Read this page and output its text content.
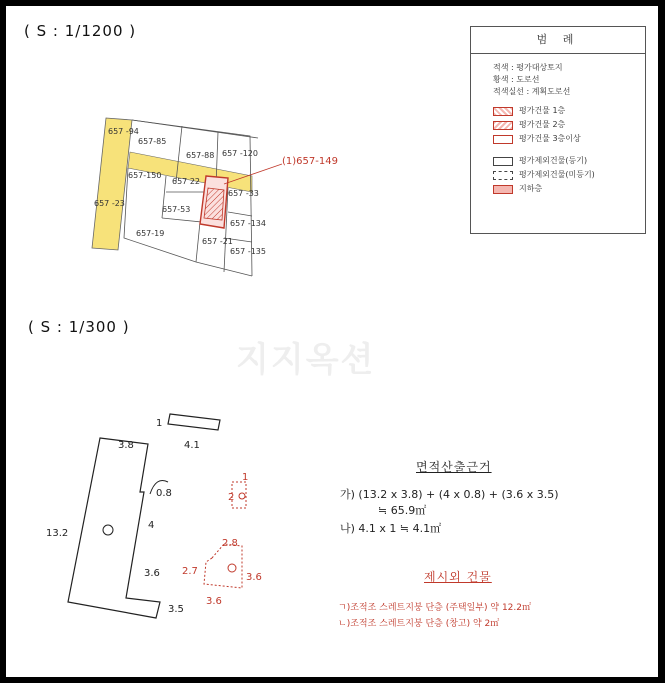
( S : 1/1200 )
( S : 1/300 )
범 례
적색 : 평가대상토지
황색 : 도로선
적색실선 : 계획도로선
평가건물 1층
평가건물 2층
평가건물 3층이상
평가제외건물(등기)
평가제외건물(미등기)
지하층
657 -94
657-85
657-88 657 -120
657-150
657 22
657 -33
657 -23
657-53
657 -134
657-19
657 -21
657 -135
(1)657-149
지지옥션
1
4.1
3.8
0.8
13.2
4
3.6
3.5
2.8
2.7
3.6
3.6
1
2
면적산출근거
가) (13.2 x 3.8) + (4 x 0.8) + (3.6 x 3.5)
≒ 65.9㎡
나) 4.1 x 1 ≒ 4.1㎡
제시외 건물
ㄱ)조적조 스레트지붕 단층 (주택일부) 약 12.2㎡
ㄴ)조적조 스레트지붕 단층 (창고) 약 2㎡
